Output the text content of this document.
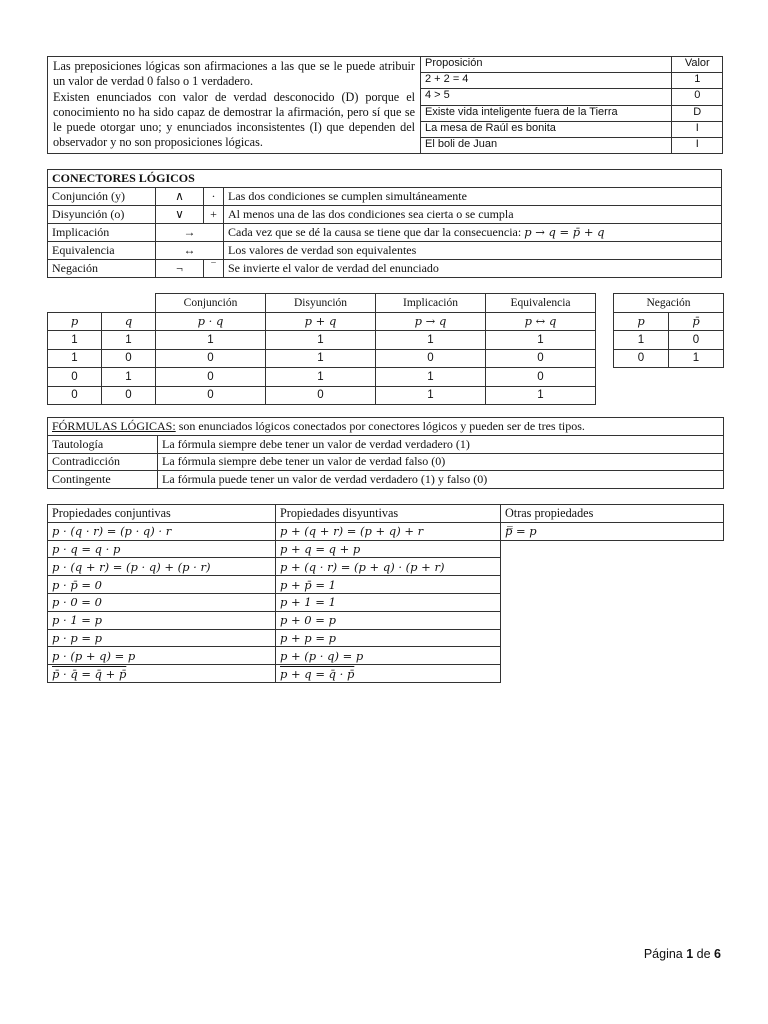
Las preposiciones lógicas son afirmaciones a las que se le puede atribuir un valor de verdad 0 falso o 1 verdadero.

Existen enunciados con valor de verdad desconocido (D) porque el conocimiento no ha sido capaz de demostrar la afirmación, pero sí que se le puede otorgar uno; y enunciados inconsistentes (I) que dependen del observador y no son proposiciones lógicas.

Proposición	Valor
2 + 2 = 4	1
4 > 5	0
Existe vida inteligente fuera de la Tierra	D
La mesa de Raúl es bonita	I
El boli de Juan	I
CONECTORES LÓGICOS			
Conjunción (y)	∧	·	Las dos condiciones se cumplen simultáneamente
Disyunción (o)	∨	+	Al menos una de las dos condiciones sea cierta o se cumpla
Implicación	→		Cada vez que se dé la causa se tiene que dar la consecuencia: p → q = p̄ + q
Equivalencia	↔		Los valores de verdad son equivalentes
Negación	¬	‾	Se invierte el valor de verdad del enunciado
		Conjunción	Disyunción	Implicación	Equivalencia
p	q	p · q	p + q	p → q	p ↔ q
1	1	1	1	1	1
1	0	0	1	0	0
0	1	0	1	1	0
0	0	0	0	1	1
Negación	
p	p̄
1	0
0	1
FÓRMULAS LÓGICAS: son enunciados lógicos conectados por conectores lógicos y pueden ser de tres tipos.	
Tautología	La fórmula siempre debe tener un valor de verdad verdadero (1)
Contradicción	La fórmula siempre debe tener un valor de verdad falso (0)
Contingente	La fórmula puede tener un valor de verdad verdadero (1) y falso (0)
Propiedades conjuntivas	Propiedades disyuntivas	Otras propiedades
p · (q · r) = (p · q) · r	p + (q + r) = (p + q) + r	p̿ = p
p · q = q · p	p + q = q + p	
p · (q + r) = (p · q) + (p · r)	p + (q · r) = (p + q) · (p + r)	
p · p̄ = 0	p + p̄ = 1	
p · 0 = 0	p + 1 = 1	
p · 1 = p	p + 0 = p	
p · p = p	p + p = p	
p · (p + q) = p	p + (p · q) = p	
p̄ · q̄ = q̄ + p̄	p + q = q̄ · p̄	
Página 1 de 6
